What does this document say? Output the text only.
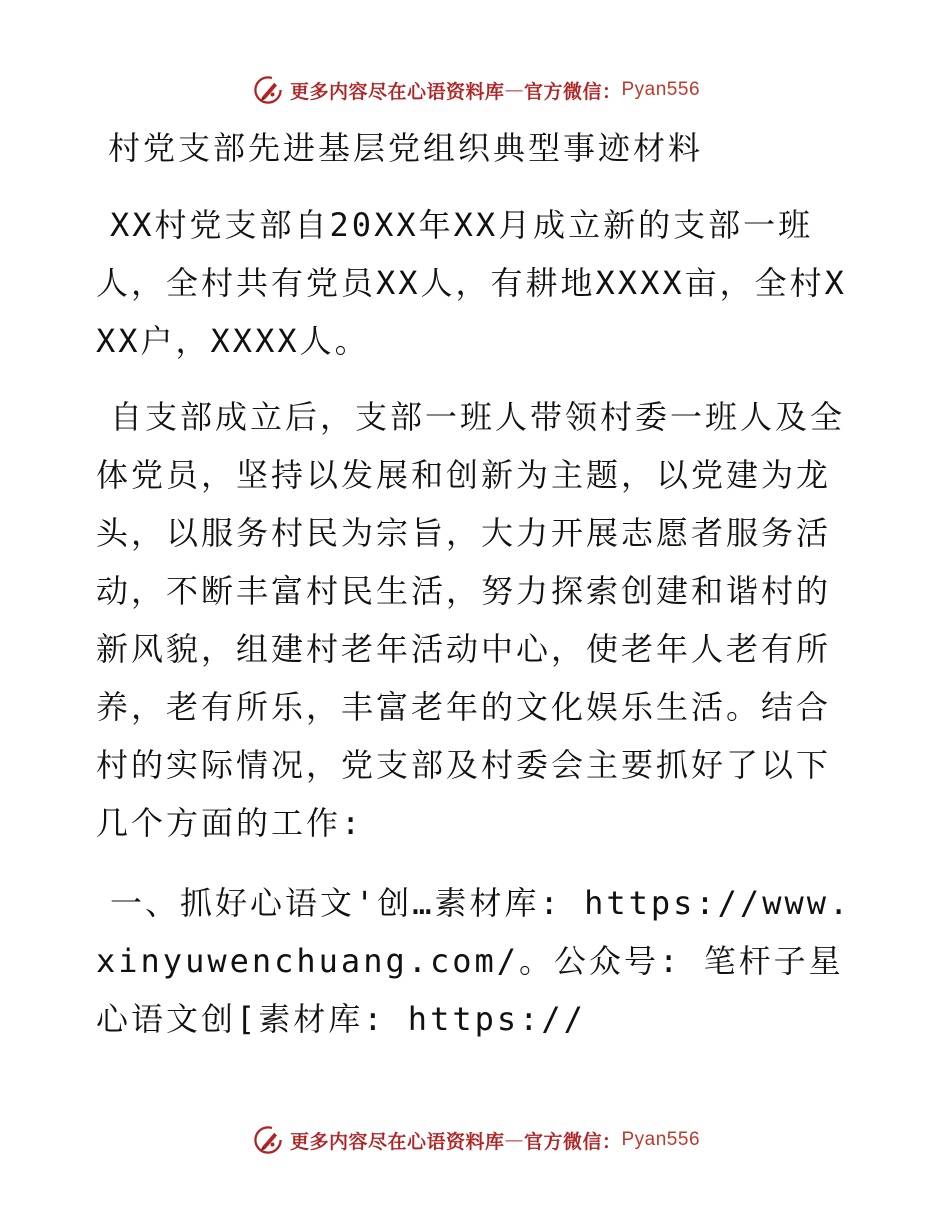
更多内容尽在心语资料库 — 官方微信： Pyan556
村党支部先进基层党组织典型事迹材料

XX村党支部自20XX年XX月成立新的支部一班人，全村共有党员XX人，有耕地XXXX亩，全村XXX户，XXXX人。

自支部成立后，支部一班人带领村委一班人及全体党员，坚持以发展和创新为主题，以党建为龙头，以服务村民为宗旨，大力开展志愿者服务活动，不断丰富村民生活，努力探索创建和谐村的新风貌，组建村老年活动中心，使老年人老有所养，老有所乐，丰富老年的文化娱乐生活。结合村的实际情况，党支部及村委会主要抓好了以下几个方面的工作:

一、抓好心语文'创…素材库: https://www.xinyuwenchuang.com/。公众号: 笔杆子星心语文创[素材库: https://

更多内容尽在心语资料库 — 官方微信： Pyan556
